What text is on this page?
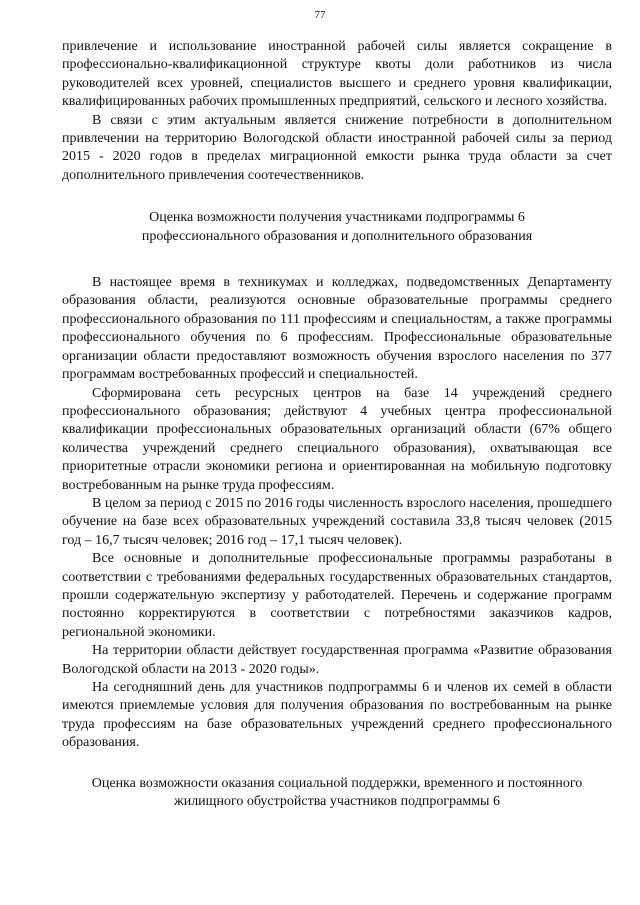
77

привлечение и использование иностранной рабочей силы является сокращение в профессионально-квалификационной структуре квоты доли работников из числа руководителей всех уровней, специалистов высшего и среднего уровня квалификации, квалифицированных рабочих промышленных предприятий, сельского и лесного хозяйства.

В связи с этим актуальным является снижение потребности в дополнительном привлечении на территорию Вологодской области иностранной рабочей силы за период 2015 - 2020 годов в пределах миграционной емкости рынка труда области за счет дополнительного привлечения соотечественников.

Оценка возможности получения участниками подпрограммы 6 профессионального образования и дополнительного образования

В настоящее время в техникумах и колледжах, подведомственных Департаменту образования области, реализуются основные образовательные программы среднего профессионального образования по 111 профессиям и специальностям, а также программы профессионального обучения по 6 профессиям. Профессиональные образовательные организации области предоставляют возможность обучения взрослого населения по 377 программам востребованных профессий и специальностей.

Сформирована сеть ресурсных центров на базе 14 учреждений среднего профессионального образования; действуют 4 учебных центра профессиональной квалификации профессиональных образовательных организаций области (67% общего количества учреждений среднего специального образования), охватывающая все приоритетные отрасли экономики региона и ориентированная на мобильную подготовку востребованным на рынке труда профессиям.

В целом за период с 2015 по 2016 годы численность взрослого населения, прошедшего обучение на базе всех образовательных учреждений составила 33,8 тысяч человек (2015 год – 16,7 тысяч человек; 2016 год – 17,1 тысяч человек).

Все основные и дополнительные профессиональные программы разработаны в соответствии с требованиями федеральных государственных образовательных стандартов, прошли содержательную экспертизу у работодателей. Перечень и содержание программ постоянно корректируются в соответствии с потребностями заказчиков кадров, региональной экономики.

На территории области действует государственная программа «Развитие образования Вологодской области на 2013 - 2020 годы».

На сегодняшний день для участников подпрограммы 6 и членов их семей в области имеются приемлемые условия для получения образования по востребованным на рынке труда профессиям на базе образовательных учреждений среднего профессионального образования.

Оценка возможности оказания социальной поддержки, временного и постоянного жилищного обустройства участников подпрограммы 6
